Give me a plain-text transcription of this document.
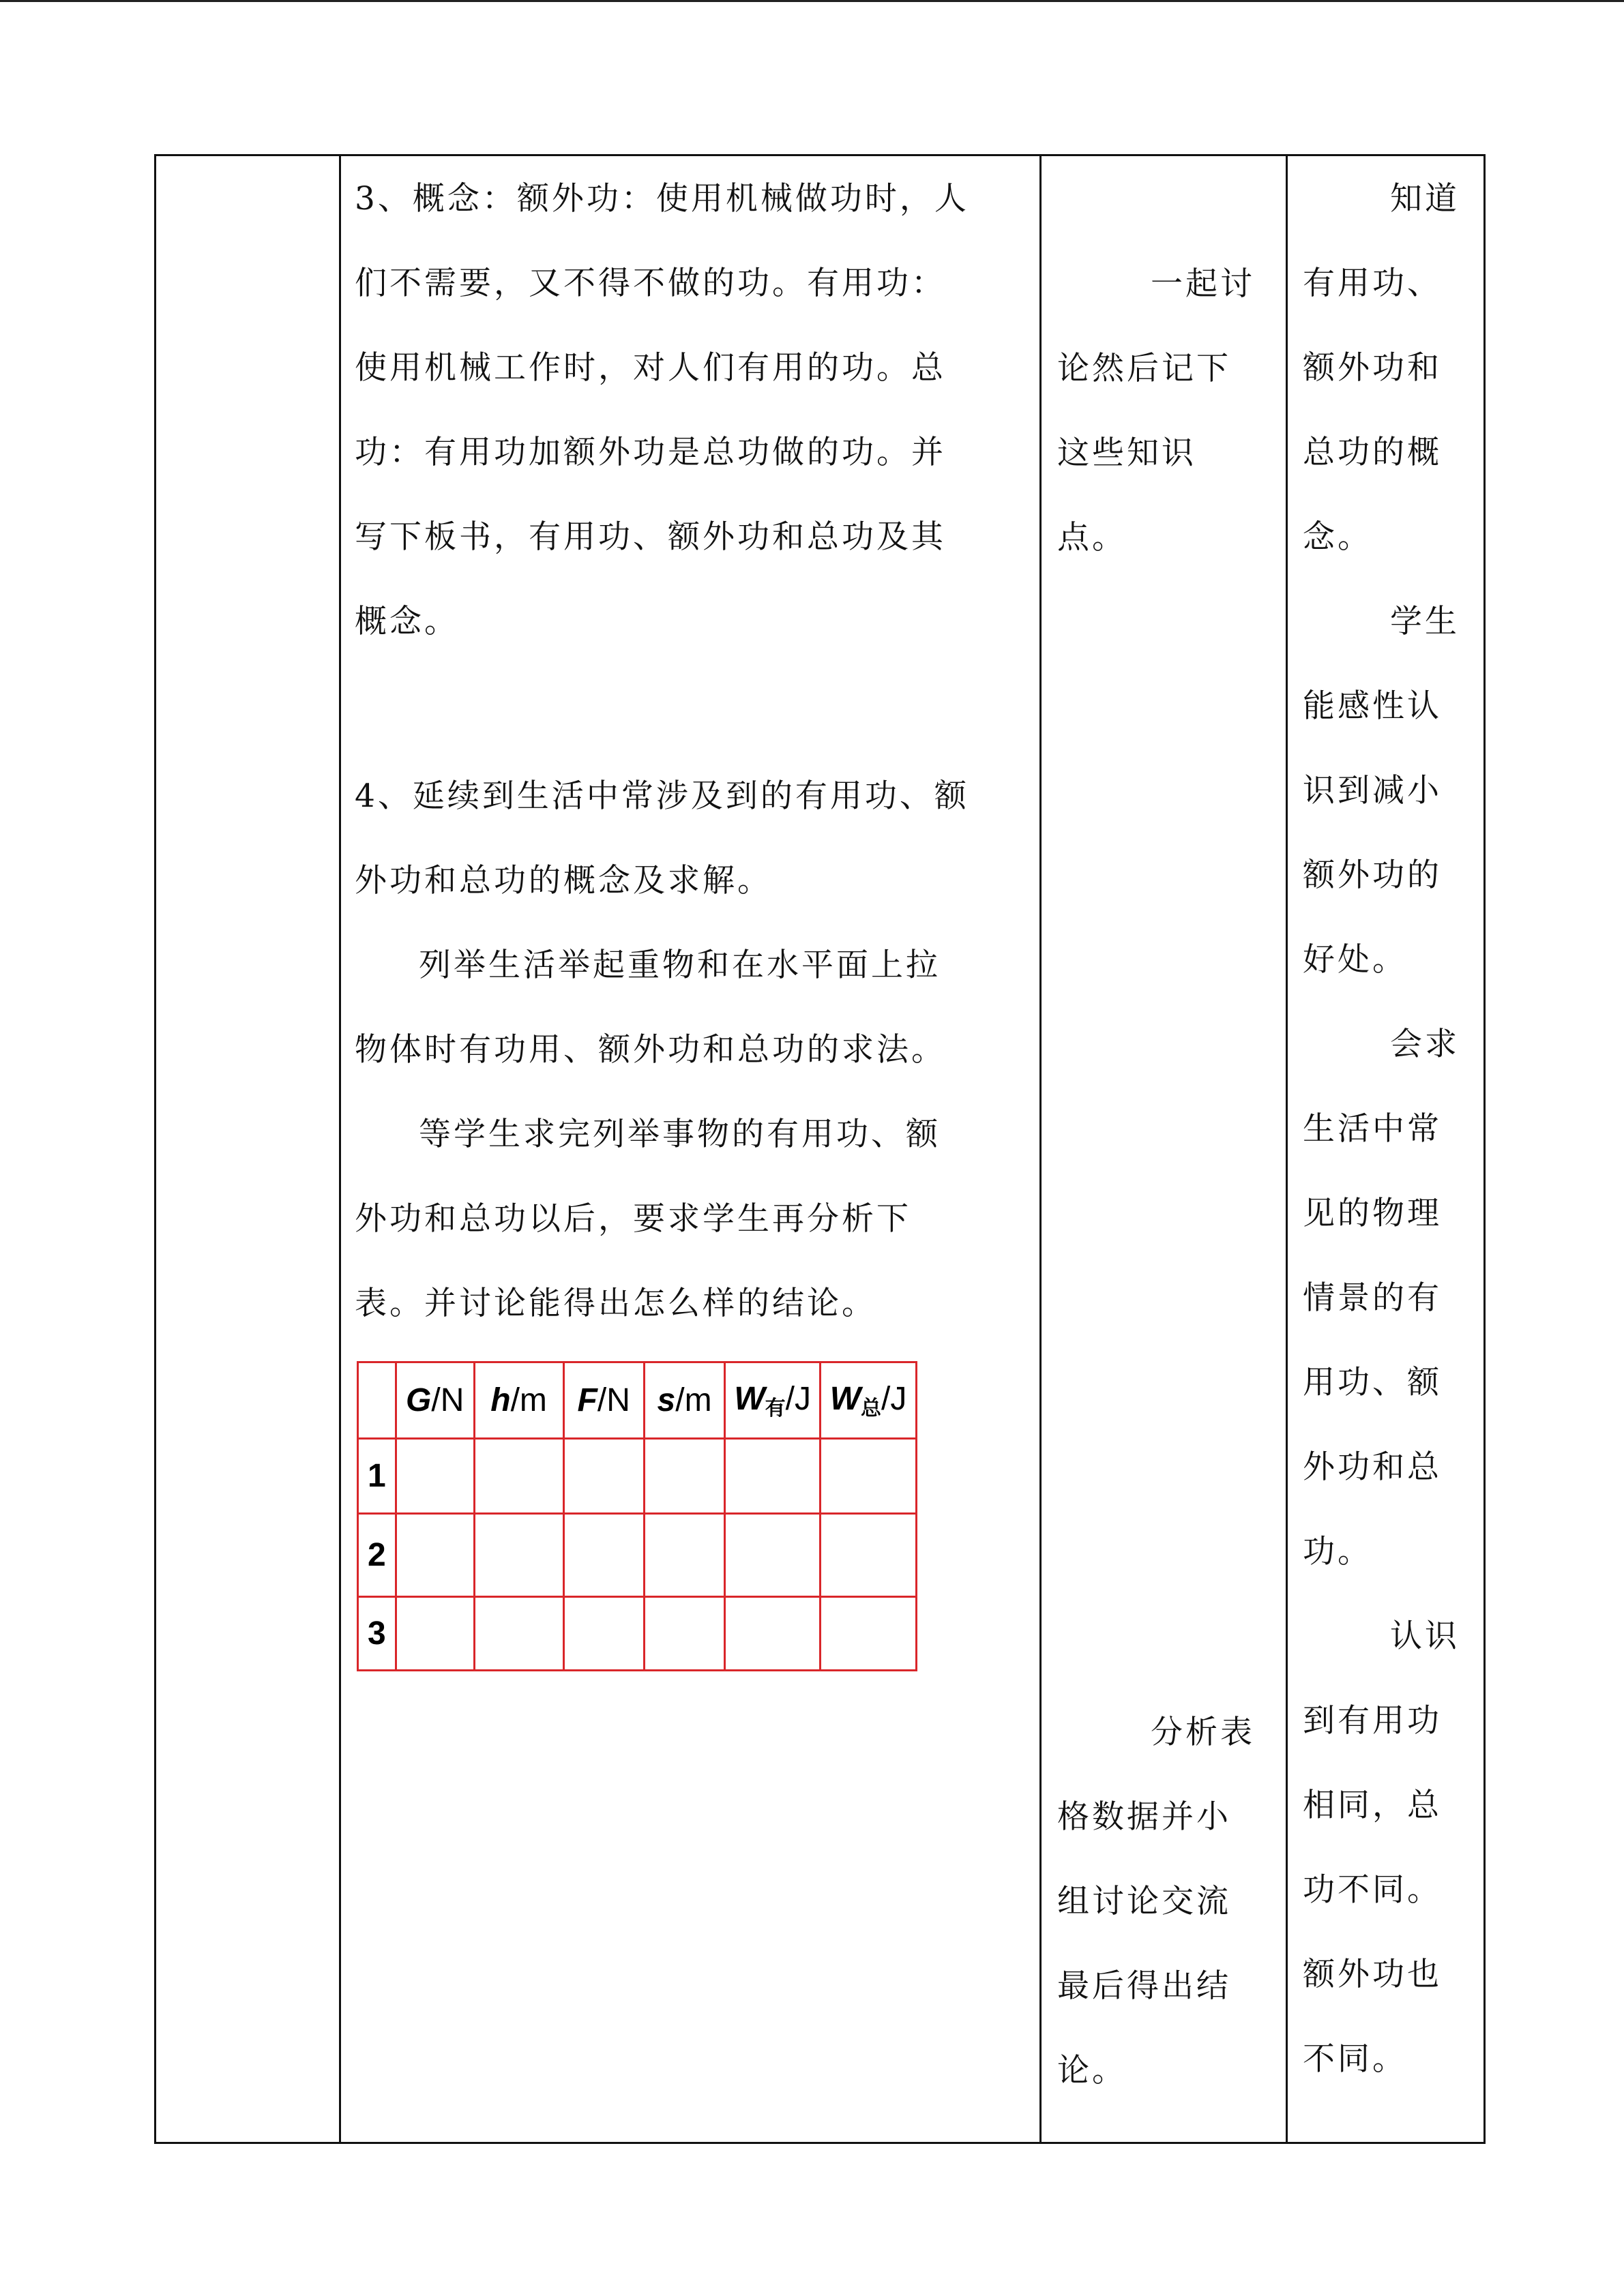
3、概念：额外功：使用机械做功时，人
们不需要，又不得不做的功。有用功：
使用机械工作时，对人们有用的功。总
功：有用功加额外功是总功做的功。并
写下板书，有用功、额外功和总功及其
概念。
4、延续到生活中常涉及到的有用功、额
外功和总功的概念及求解。
列举生活举起重物和在水平面上拉
物体时有功用、额外功和总功的求法。
等学生求完列举事物的有用功、额
外功和总功以后，要求学生再分析下
表。并讨论能得出怎么样的结论。
	G/N	h/m	F/N	s/m	$W_有/J$	$W_总/J$
1						
2						
3						
一起讨
论然后记下
这些知识
点。
分析表
格数据并小
组讨论交流
最后得出结
论。
知道
有用功、
额外功和
总功的概
念。
学生
能感性认
识到减小
额外功的
好处。
会求
生活中常
见的物理
情景的有
用功、额
外功和总
功。
认识
到有用功
相同，总
功不同。
额外功也
不同。
